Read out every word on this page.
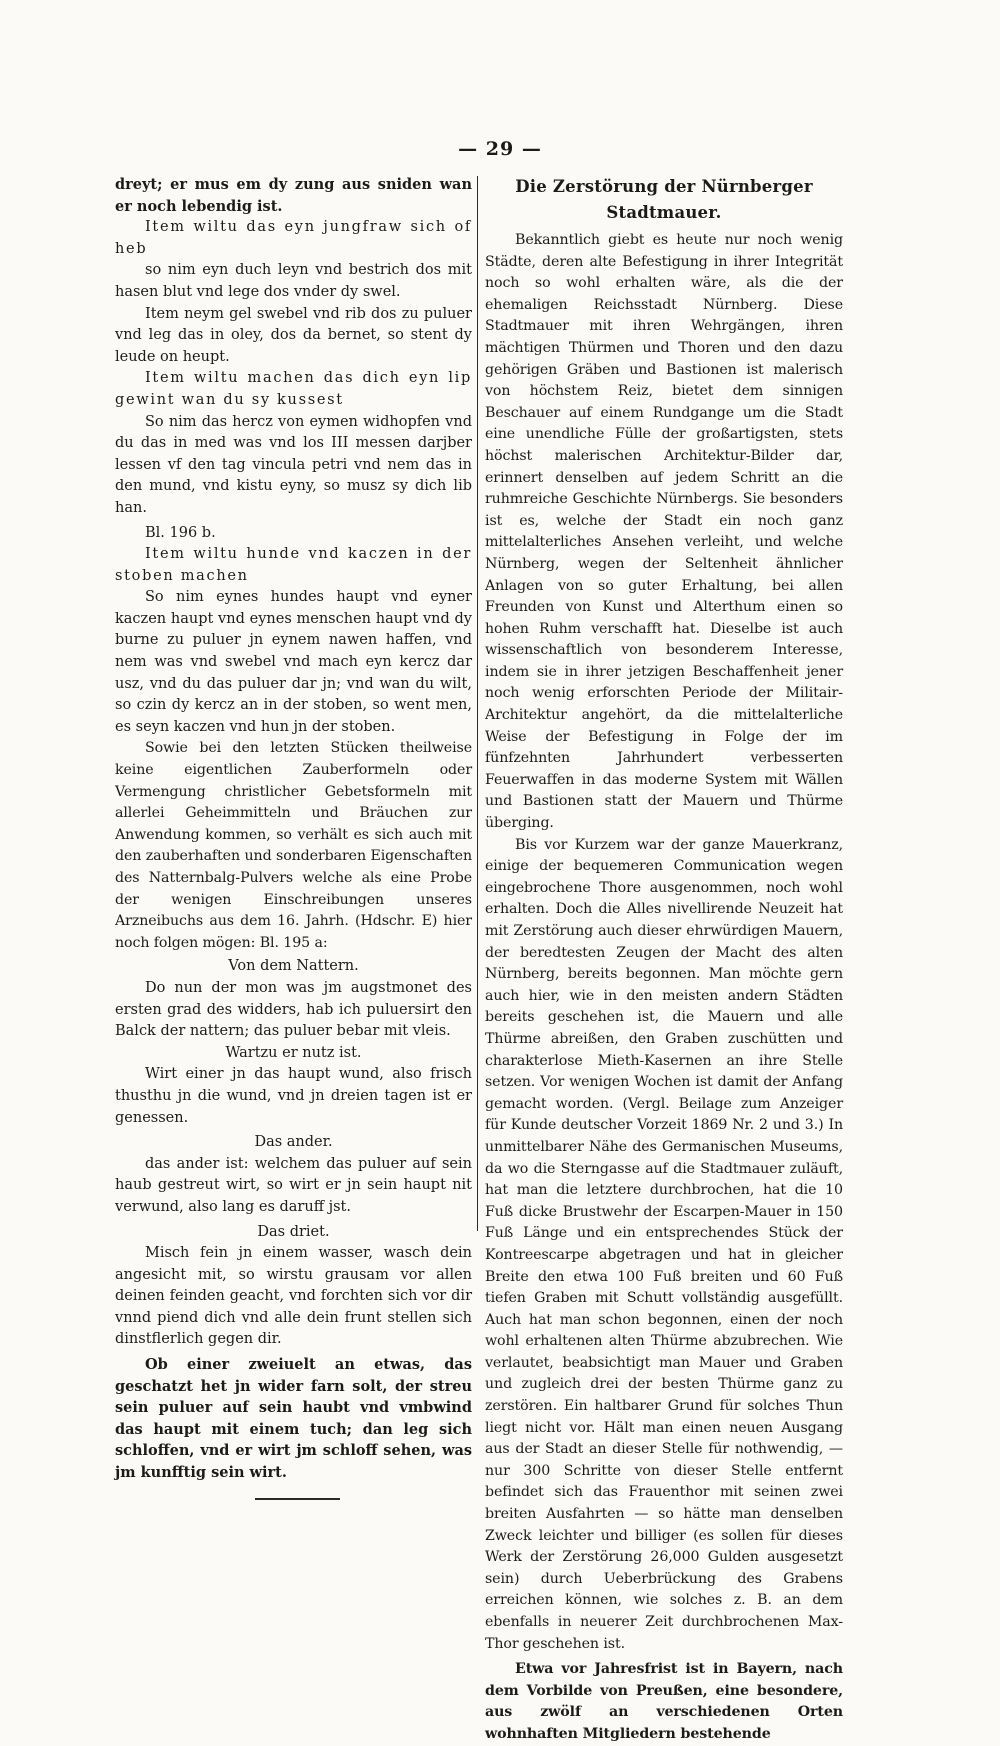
— 29 —

dreyt; er mus em dy zung aus sniden wan er noch lebendig ist.

Item wiltu das eyn jungfraw sich of heb

so nim eyn duch leyn vnd bestrich dos mit hasen blut vnd lege dos vnder dy swel.

Item neym gel swebel vnd rib dos zu puluer vnd leg das in oley, dos da bernet, so stent dy leude on heupt.

Item wiltu machen das dich eyn lip gewint wan du sy kussest

So nim das hercz von eymen widhopfen vnd du das in med was vnd los III messen darjber lessen vf den tag vincula petri vnd nem das in den mund, vnd kistu eyny, so musz sy dich lib han.

Bl. 196 b.

Item wiltu hunde vnd kaczen in der stoben machen

So nim eynes hundes haupt vnd eyner kaczen haupt vnd eynes menschen haupt vnd dy burne zu puluer jn eynem nawen haffen, vnd nem was vnd swebel vnd mach eyn kercz dar usz, vnd du das puluer dar jn; vnd wan du wilt, so czin dy kercz an in der stoben, so went men, es seyn kaczen vnd hun jn der stoben.

Sowie bei den letzten Stücken theilweise keine eigentlichen Zauberformeln oder Vermengung christlicher Gebetsformeln mit allerlei Geheimmitteln und Bräuchen zur Anwendung kommen, so verhält es sich auch mit den zauberhaften und sonderbaren Eigenschaften des Natternbalg-Pulvers welche als eine Probe der wenigen Einschreibungen unseres Arzneibuchs aus dem 16. Jahrh. (Hdschr. E) hier noch folgen mögen: Bl. 195 a:

Von dem Nattern.

Do nun der mon was jm augstmonet des ersten grad des widders, hab ich puluersirt den Balck der nattern; das puluer bebar mit vleis.

Wartzu er nutz ist.

Wirt einer jn das haupt wund, also frisch thusthu jn die wund, vnd jn dreien tagen ist er genessen.

Das ander.

das ander ist: welchem das puluer auf sein haub gestreut wirt, so wirt er jn sein haupt nit verwund, also lang es daruff jst.

Das driet.

Misch fein jn einem wasser, wasch dein angesicht mit, so wirstu grausam vor allen deinen feinden geacht, vnd forchten sich vor dir vnnd piend dich vnd alle dein frunt stellen sich dinstflerlich gegen dir.

Ob einer zweiuelt an etwas, das geschatzt het jn wider farn solt, der streu sein puluer auf sein haubt vnd vmbwind das haupt mit einem tuch; dan leg sich schloffen, vnd er wirt jm schloff sehen, was jm kunfftig sein wirt.

Die Zerstörung der Nürnberger Stadtmauer.

Bekanntlich giebt es heute nur noch wenig Städte, deren alte Befestigung in ihrer Integrität noch so wohl erhalten wäre, als die der ehemaligen Reichsstadt Nürnberg. Diese Stadtmauer mit ihren Wehrgängen, ihren mächtigen Thürmen und Thoren und den dazu gehörigen Gräben und Bastionen ist malerisch von höchstem Reiz, bietet dem sinnigen Beschauer auf einem Rundgange um die Stadt eine unendliche Fülle der großartigsten, stets höchst malerischen Architektur-Bilder dar, erinnert denselben auf jedem Schritt an die ruhmreiche Geschichte Nürnbergs. Sie besonders ist es, welche der Stadt ein noch ganz mittelalterliches Ansehen verleiht, und welche Nürnberg, wegen der Seltenheit ähnlicher Anlagen von so guter Erhaltung, bei allen Freunden von Kunst und Alterthum einen so hohen Ruhm verschafft hat. Dieselbe ist auch wissenschaftlich von besonderem Interesse, indem sie in ihrer jetzigen Beschaffenheit jener noch wenig erforschten Periode der Militair-Architektur angehört, da die mittelalterliche Weise der Befestigung in Folge der im fünfzehnten Jahrhundert verbesserten Feuerwaffen in das moderne System mit Wällen und Bastionen statt der Mauern und Thürme überging.

Bis vor Kurzem war der ganze Mauerkranz, einige der bequemeren Communication wegen eingebrochene Thore ausgenommen, noch wohl erhalten. Doch die Alles nivellirende Neuzeit hat mit Zerstörung auch dieser ehrwürdigen Mauern, der beredtesten Zeugen der Macht des alten Nürnberg, bereits begonnen. Man möchte gern auch hier, wie in den meisten andern Städten bereits geschehen ist, die Mauern und alle Thürme abreißen, den Graben zuschütten und charakterlose Mieth-Kasernen an ihre Stelle setzen. Vor wenigen Wochen ist damit der Anfang gemacht worden. (Vergl. Beilage zum Anzeiger für Kunde deutscher Vorzeit 1869 Nr. 2 und 3.) In unmittelbarer Nähe des Germanischen Museums, da wo die Sterngasse auf die Stadtmauer zuläuft, hat man die letztere durchbrochen, hat die 10 Fuß dicke Brustwehr der Escarpen-Mauer in 150 Fuß Länge und ein entsprechendes Stück der Kontreescarpe abgetragen und hat in gleicher Breite den etwa 100 Fuß breiten und 60 Fuß tiefen Graben mit Schutt vollständig ausgefüllt. Auch hat man schon begonnen, einen der noch wohl erhaltenen alten Thürme abzubrechen. Wie verlautet, beabsichtigt man Mauer und Graben und zugleich drei der besten Thürme ganz zu zerstören. Ein haltbarer Grund für solches Thun liegt nicht vor. Hält man einen neuen Ausgang aus der Stadt an dieser Stelle für nothwendig, — nur 300 Schritte von dieser Stelle entfernt befindet sich das Frauenthor mit seinen zwei breiten Ausfahrten — so hätte man denselben Zweck leichter und billiger (es sollen für dieses Werk der Zerstörung 26,000 Gulden ausgesetzt sein) durch Ueberbrückung des Grabens erreichen können, wie solches z. B. an dem ebenfalls in neuerer Zeit durchbrochenen Max-Thor geschehen ist.

Etwa vor Jahresfrist ist in Bayern, nach dem Vorbilde von Preußen, eine besondere, aus zwölf an verschiedenen Orten wohnhaften Mitgliedern bestehende
